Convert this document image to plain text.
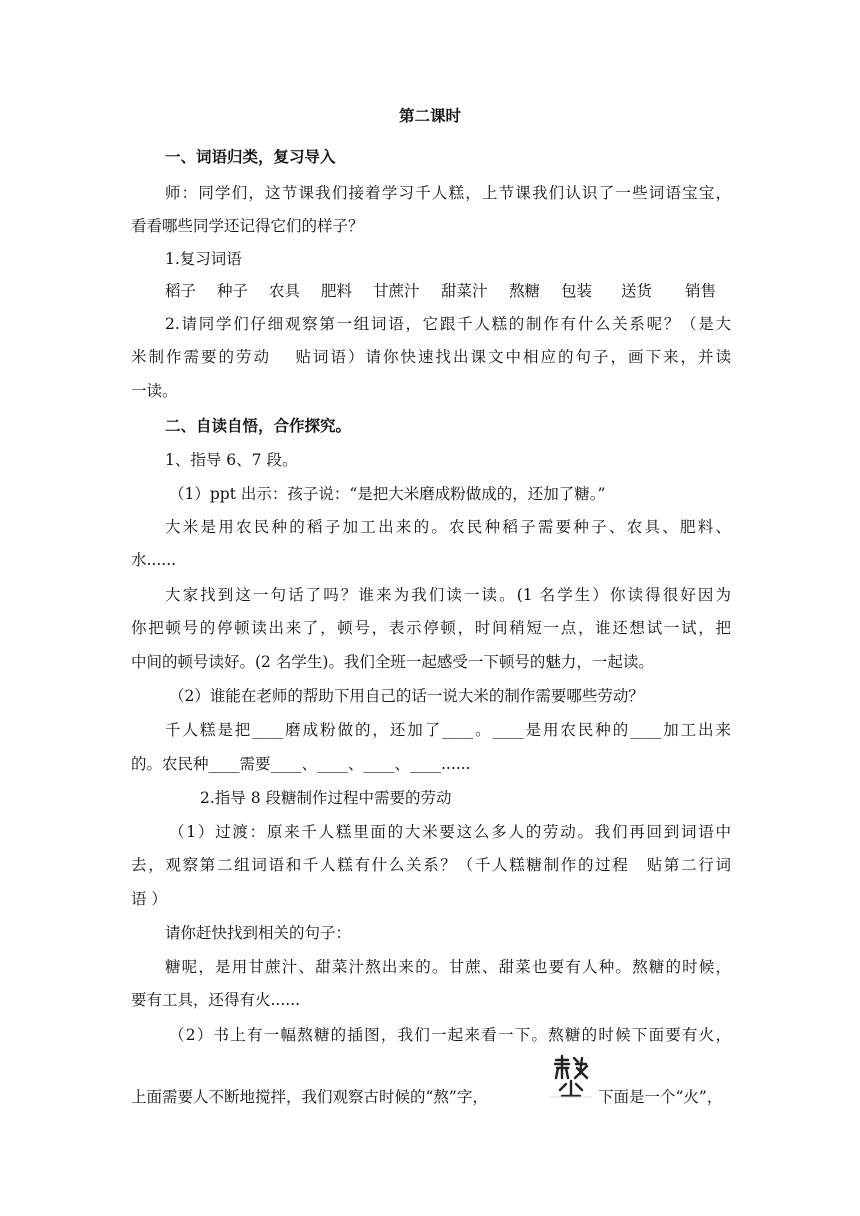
第二课时
一、词语归类，复习导入
师：同学们，这节课我们接着学习千人糕，上节课我们认识了一些词语宝宝，
看看哪些同学还记得它们的样子？
1.复习词语
稻子 种子 农具 肥料 甘蔗汁 甜菜汁 熬糖 包装 送货 销售
2.请同学们仔细观察第一组词语，它跟千人糕的制作有什么关系呢？（是大
米制作需要的劳动　 贴词语）请你快速找出课文中相应的句子，画下来，并读
一读。
二、自读自悟，合作探究。
1、指导 6、7 段。
（1）ppt 出示：孩子说：“是把大米磨成粉做成的，还加了糖。”
大米是用农民种的稻子加工出来的。农民种稻子需要种子、农具、肥料、
水......
大家找到这一句话了吗？谁来为我们读一读。(1 名学生）你读得很好因为
你把顿号的停顿读出来了，顿号，表示停顿，时间稍短一点，谁还想试一试，把
中间的顿号读好。(2 名学生)。我们全班一起感受一下顿号的魅力，一起读。
（2）谁能在老师的帮助下用自己的话一说大米的制作需要哪些劳动？
千人糕是把____磨成粉做的，还加了____。____是用农民种的____加工出来
的。农民种____需要____、____、____、____......
2.指导 8 段糖制作过程中需要的劳动
（1）过渡：原来千人糕里面的大米要这么多人的劳动。我们再回到词语中
去，观察第二组词语和千人糕有什么关系？（千人糕糖制作的过程　贴第二行词
语 ）
请你赶快找到相关的句子：
糖呢，是用甘蔗汁、甜菜汁熬出来的。甘蔗、甜菜也要有人种。熬糖的时候，
要有工具，还得有火......
（2）书上有一幅熬糖的插图，我们一起来看一下。熬糖的时候下面要有火，
上面需要人不断地搅拌，我们观察古时候的“熬”字，	下面是一个“火”，
